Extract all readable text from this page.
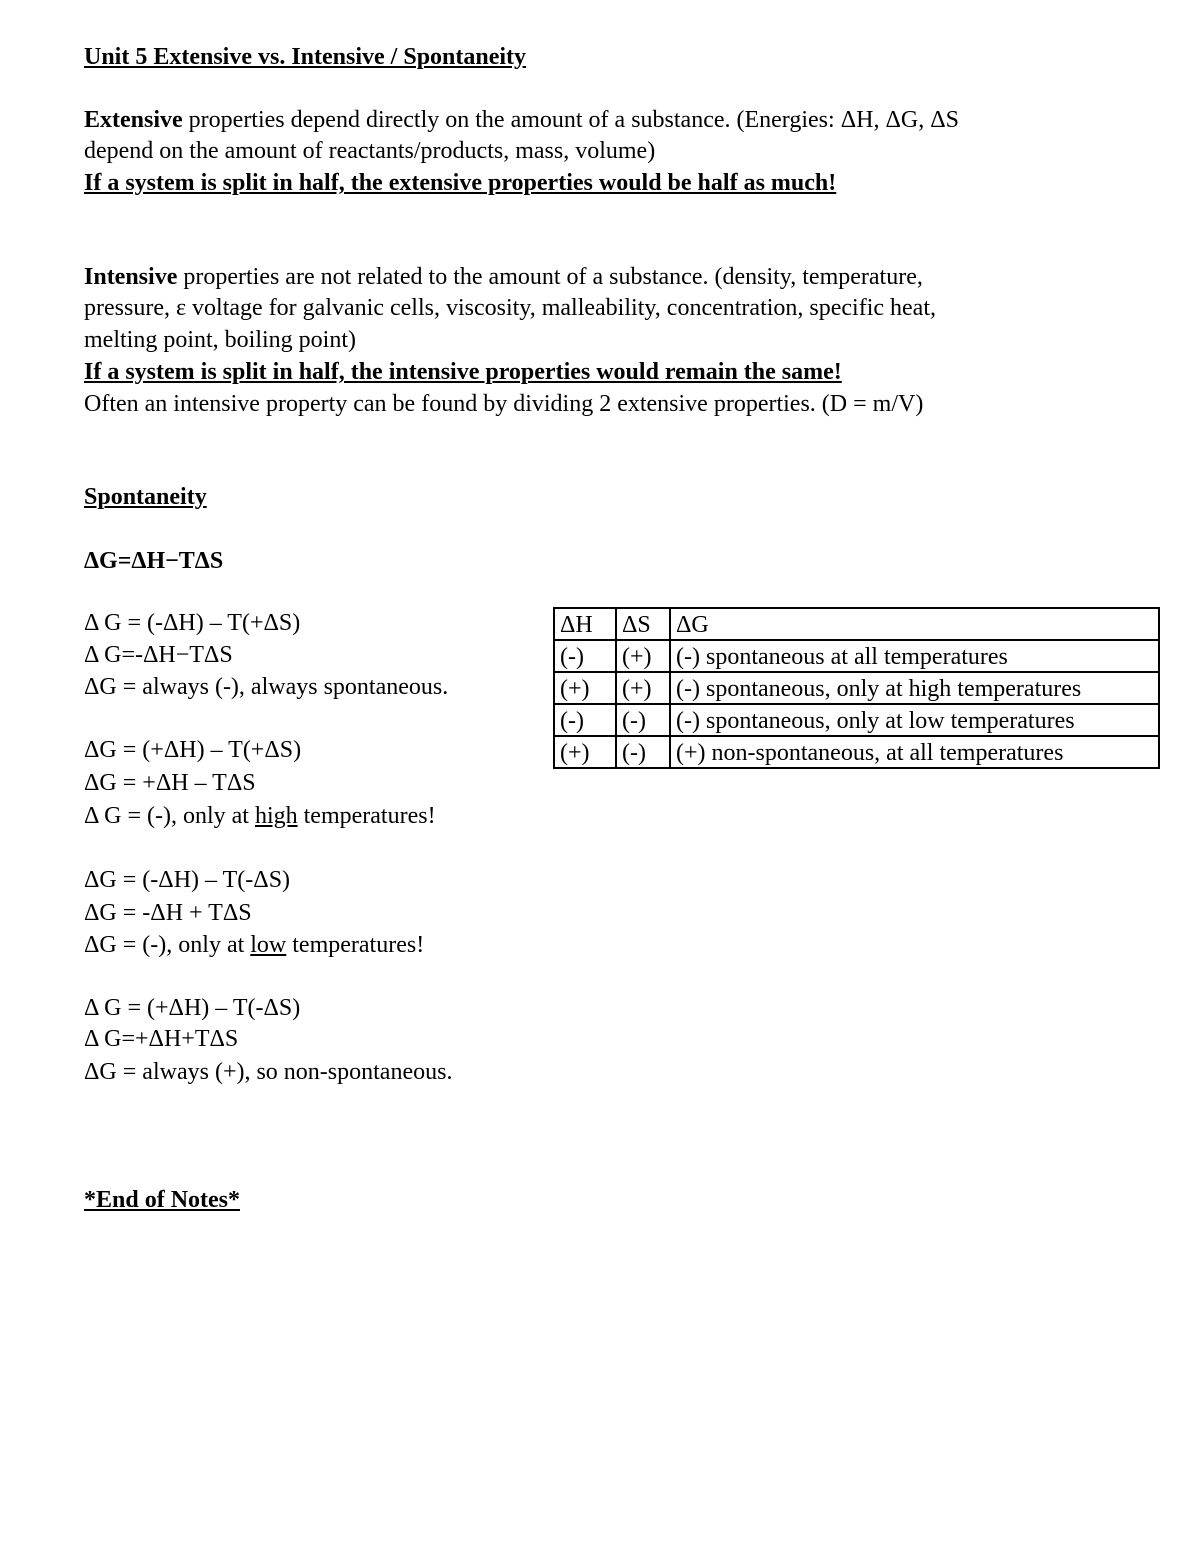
Unit 5 Extensive vs. Intensive / Spontaneity
Extensive properties depend directly on the amount of a substance. (Energies: ΔH, ΔG, ΔS
depend on the amount of reactants/products, mass, volume)
If a system is split in half, the extensive properties would be half as much!
Intensive properties are not related to the amount of a substance. (density, temperature,
pressure, ε voltage for galvanic cells, viscosity, malleability, concentration, specific heat,
melting point, boiling point)
If a system is split in half, the intensive properties would remain the same!
Often an intensive property can be found by dividing 2 extensive properties. (D = m/V)
Spontaneity
ΔG=ΔH−TΔS
Δ G = (-ΔH) – T(+ΔS)
Δ G=-ΔH−TΔS
ΔG = always (-), always spontaneous.
ΔG = (+ΔH) – T(+ΔS)
ΔG = +ΔH – TΔS
Δ G = (-), only at high temperatures!
ΔG = (-ΔH) – T(-ΔS)
ΔG = -ΔH + TΔS
ΔG = (-), only at low temperatures!
Δ G = (+ΔH) – T(-ΔS)
Δ G=+ΔH+TΔS
ΔG = always (+), so non-spontaneous.
*End of Notes*
ΔH	ΔS	ΔG
(-)	(+)	(-) spontaneous at all temperatures
(+)	(+)	(-) spontaneous, only at high temperatures
(-)	(-)	(-) spontaneous, only at low temperatures
(+)	(-)	(+) non-spontaneous, at all temperatures
